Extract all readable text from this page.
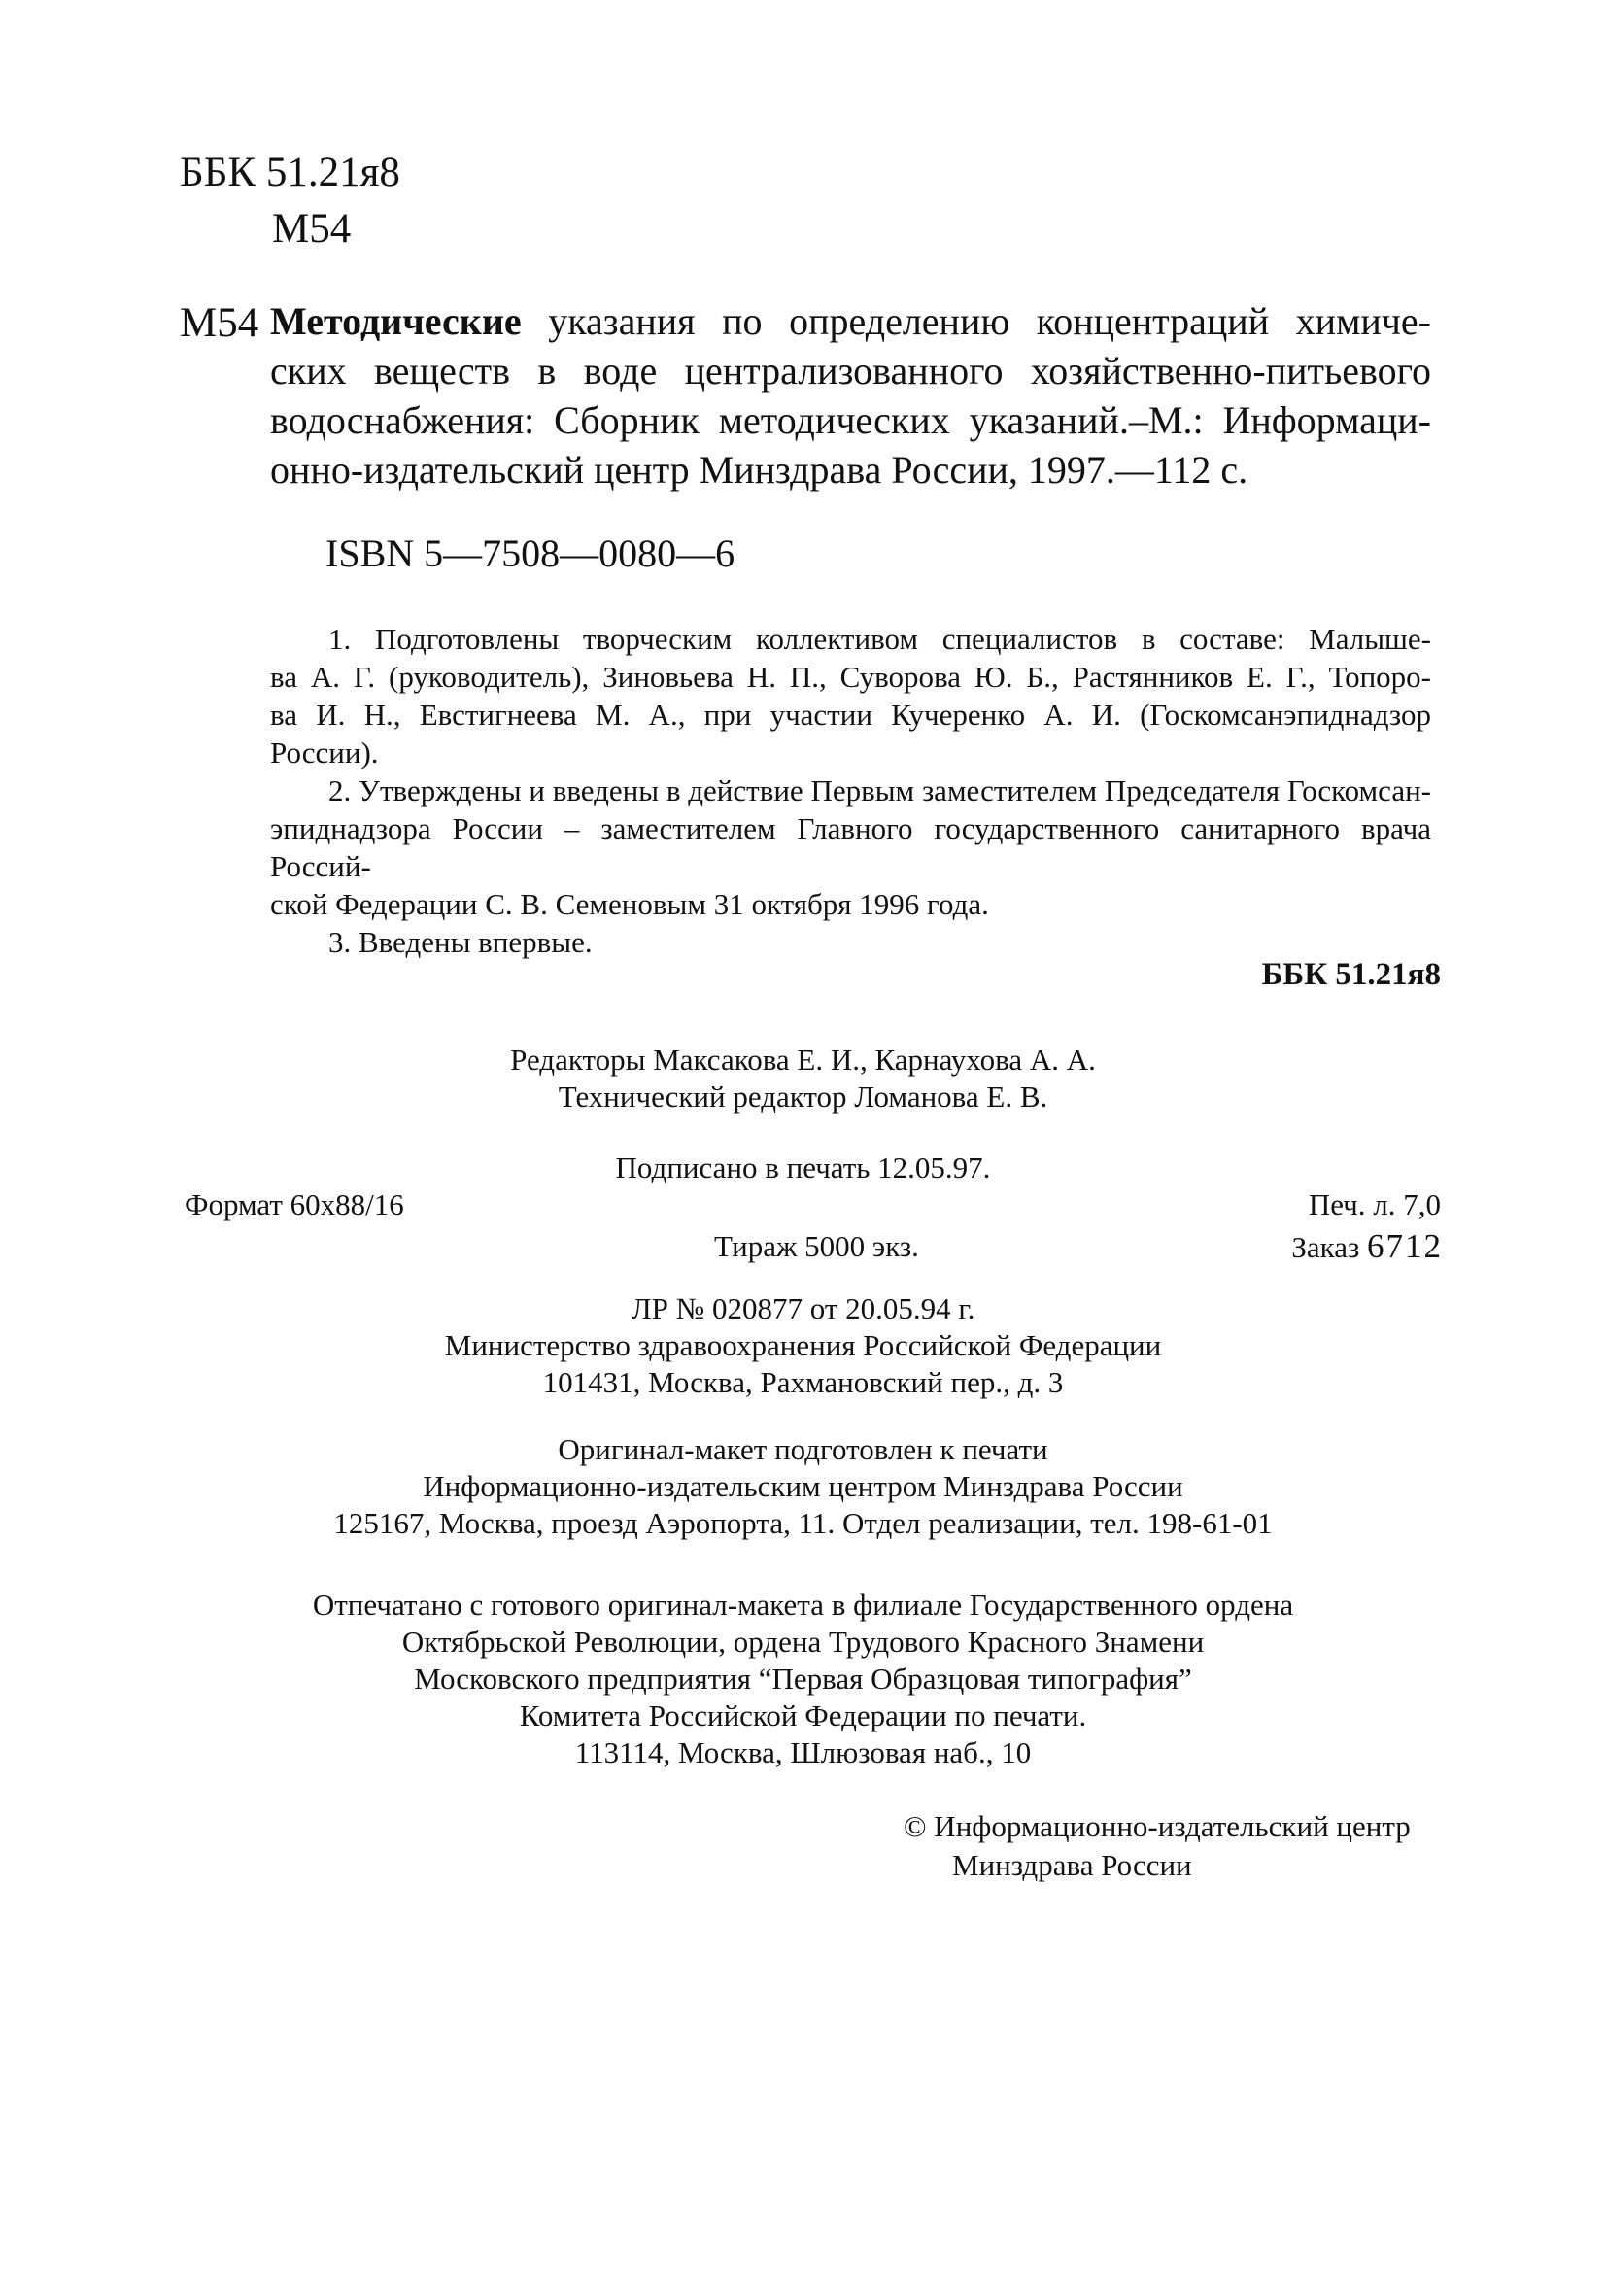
ББК 51.21я8
М54
М54 Методические указания по определению концентраций химиче-
ских веществ в воде централизованного хозяйственно-питьевого
водоснабжения: Сборник методических указаний.–М.: Информаци-
онно-издательский центр Минздрава России, 1997.—112 с.
ISBN 5—7508—0080—6
1. Подготовлены творческим коллективом специалистов в составе: Малыше-
ва А. Г. (руководитель), Зиновьева Н. П., Суворова Ю. Б., Растянников Е. Г., Топоро-
ва И. Н., Евстигнеева М. А., при участии Кучеренко А. И. (Госкомсанэпиднадзор
России).
2. Утверждены и введены в действие Первым заместителем Председателя Госкомсан-
эпиднадзора России – заместителем Главного государственного санитарного врача Россий-
ской Федерации С. В. Семеновым 31 октября 1996 года.
3. Введены впервые.
ББК 51.21я8
Редакторы Максакова Е. И., Карнаухова А. А.
Технический редактор Ломанова Е. В.
Подписано в печать 12.05.97.
Формат 60x88/16	Печ. л. 7,0
Тираж 5000 экз.	Заказ 6712
ЛР № 020877 от 20.05.94 г.
Министерство здравоохранения Российской Федерации
101431, Москва, Рахмановский пер., д. 3
Оригинал-макет подготовлен к печати
Информационно-издательским центром Минздрава России
125167, Москва, проезд Аэропорта, 11. Отдел реализации, тел. 198-61-01
Отпечатано с готового оригинал-макета в филиале Государственного ордена
Октябрьской Революции, ордена Трудового Красного Знамени
Московского предприятия “Первая Образцовая типография”
Комитета Российской Федерации по печати.
113114, Москва, Шлюзовая наб., 10
© Информационно-издательский центр
Минздрава России
